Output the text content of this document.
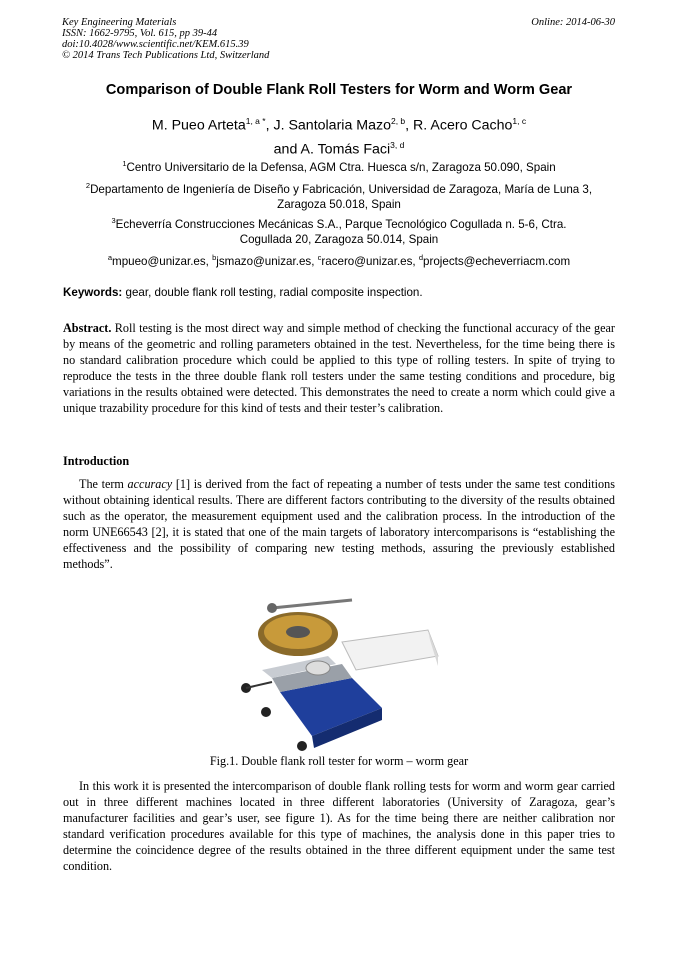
Key Engineering Materials
ISSN: 1662-9795, Vol. 615, pp 39-44
doi:10.4028/www.scientific.net/KEM.615.39
© 2014 Trans Tech Publications Ltd, Switzerland
Online: 2014-06-30
Comparison of Double Flank Roll Testers for Worm and Worm Gear
M. Pueo Arteta$^{1, a *}$, J. Santolaria Mazo$^{2, b}$, R. Acero Cacho$^{1, c}$
and A. Tomás Faci$^{3, d}$
$^1$Centro Universitario de la Defensa, AGM Ctra. Huesca s/n, Zaragoza 50.090, Spain
$^2$Departamento de Ingeniería de Diseño y Fabricación, Universidad de Zaragoza, María de Luna 3,
Zaragoza 50.018, Spain
$^3$Echeverría Construcciones Mecánicas S.A., Parque Tecnológico Cogullada n. 5-6, Ctra.
Cogullada 20, Zaragoza 50.014, Spain
$^a$mpueo@unizar.es, $^b$jsmazo@unizar.es, $^c$racero@unizar.es, $^d$projects@echeverriacm.com
Keywords: gear, double flank roll testing, radial composite inspection.
Abstract. Roll testing is the most direct way and simple method of checking the functional accuracy of the gear by means of the geometric and rolling parameters obtained in the test. Nevertheless, for the time being there is no standard calibration procedure which could be applied to this type of rolling testers. In spite of trying to reproduce the tests in the three double flank roll testers under the same testing conditions and procedure, big variations in the results obtained were detected. This demonstrates the need to create a norm which could give a unique trazability procedure for this kind of tests and their tester’s calibration.
Introduction
The term accuracy [1] is derived from the fact of repeating a number of tests under the same test conditions without obtaining identical results. There are different factors contributing to the diversity of the results obtained such as the operator, the measurement equipment used and the calibration process. In the introduction of the norm UNE66543 [2], it is stated that one of the main targets of laboratory intercomparisons is “establishing the effectiveness and the possibility of comparing new testing methods, assuring the previously established methods”.
Fig.1. Double flank roll tester for worm – worm gear
In this work it is presented the intercomparison of double flank rolling tests for worm and worm gear carried out in three different machines located in three different laboratories (University of Zaragoza, gear’s manufacturer facilities and gear’s user, see figure 1). As for the time being there are neither calibration nor standard verification procedures available for this type of machines, the analysis done in this paper tries to determine the coincidence degree of the results obtained in the three different equipment under the same test condition.
